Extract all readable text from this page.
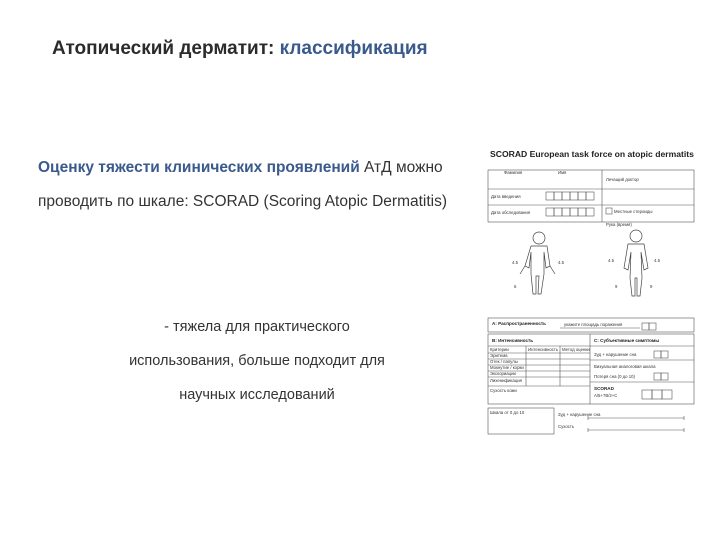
Атопический дерматит: классификация
Оценку тяжести клинических проявлений АтД можно проводить по шкале: SCORAD (Scoring Atopic Dermatitis)
- тяжела для практического использования, больше подходит для научных исследований
SCORAD European task force on atopic dermatits
Фамилия	Имя
Дата введения
Дата обследования
Лечащий доктор
Местные стероиды
Рука (время)
4.5	4.5
6
4.5	4.5
9	9
A: Распространенность	укажите площадь поражения
B: Интенсивность	C: Субъективные симптомы
Критерии	Интенсивность Метод оценки
Эритема
Отек / папулы
Мокнутие / корки
Экскориации
Лихенификация
Сухость кожи
Зуд + нарушение сна
Визуальная аналоговая шкала
Потеря сна (0 до 10)
SCORAD
A/5+7B/2+C
Шкала от 0 до 10	Зуд + нарушение сна
Сухость
